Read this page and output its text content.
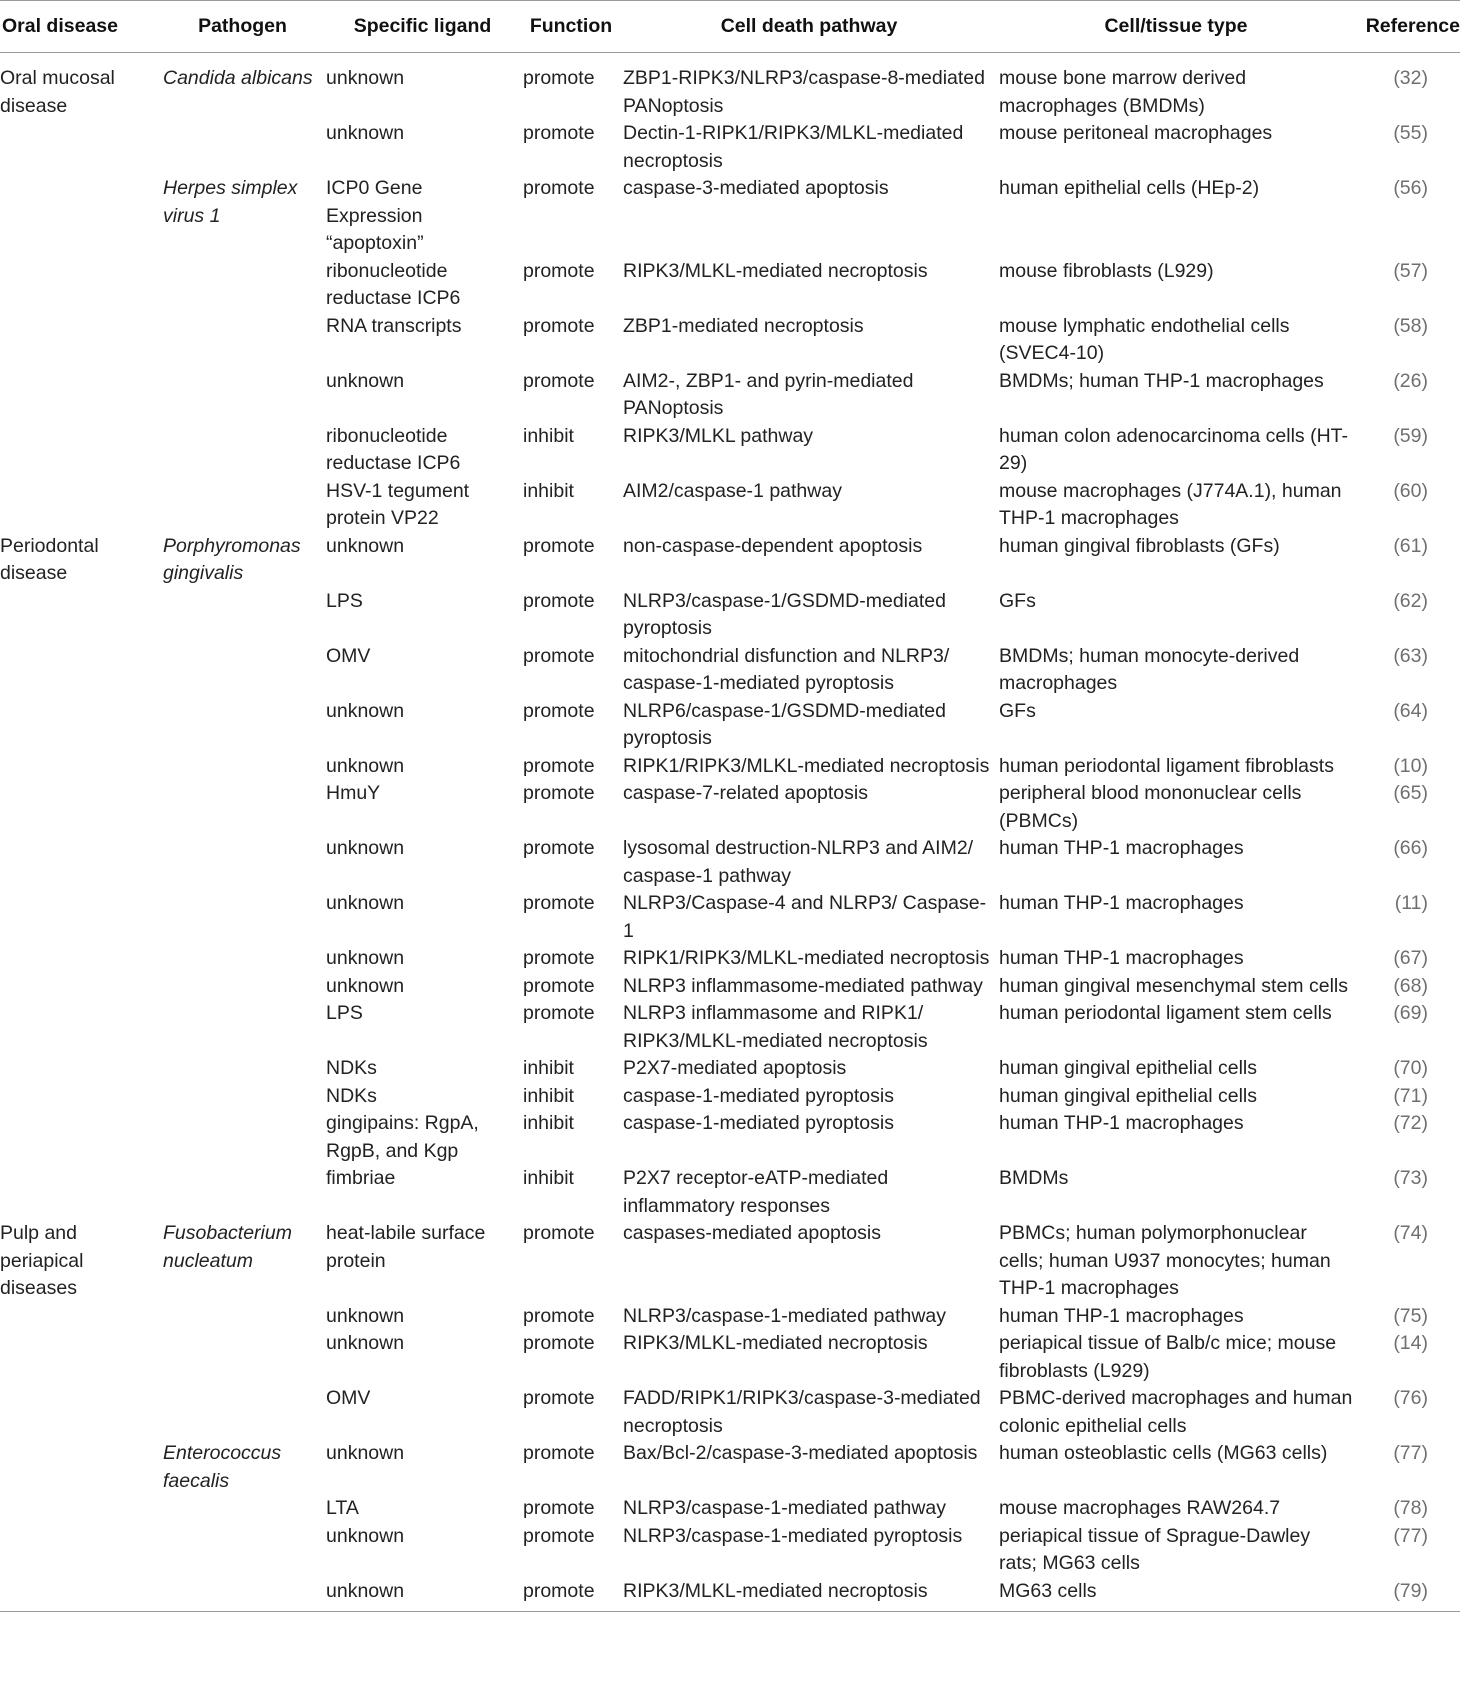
Oral disease	Pathogen	Specific ligand	Function	Cell death pathway	Cell/tissue type	Reference
Oral mucosal disease	Candida albicans	unknown	promote	ZBP1-RIPK3/NLRP3/caspase-8-mediated PANoptosis	mouse bone marrow derived macrophages (BMDMs)	(32)
		unknown	promote	Dectin-1-RIPK1/RIPK3/MLKL-mediated necroptosis	mouse peritoneal macrophages	(55)
	Herpes simplex virus 1	ICP0 Gene Expression “apoptoxin”	promote	caspase-3-mediated apoptosis	human epithelial cells (HEp-2)	(56)
		ribonucleotide reductase ICP6	promote	RIPK3/MLKL-mediated necroptosis	mouse fibroblasts (L929)	(57)
		RNA transcripts	promote	ZBP1-mediated necroptosis	mouse lymphatic endothelial cells (SVEC4-10)	(58)
		unknown	promote	AIM2-, ZBP1- and pyrin-mediated PANoptosis	BMDMs; human THP-1 macrophages	(26)
		ribonucleotide reductase ICP6	inhibit	RIPK3/MLKL pathway	human colon adenocarcinoma cells (HT-29)	(59)
		HSV-1 tegument protein VP22	inhibit	AIM2/caspase-1 pathway	mouse macrophages (J774A.1), human THP-1 macrophages	(60)
Periodontal disease	Porphyromonas gingivalis	unknown	promote	non-caspase-dependent apoptosis	human gingival fibroblasts (GFs)	(61)
		LPS	promote	NLRP3/caspase-1/GSDMD-mediated pyroptosis	GFs	(62)
		OMV	promote	mitochondrial disfunction and NLRP3/ caspase-1-mediated pyroptosis	BMDMs; human monocyte-derived macrophages	(63)
		unknown	promote	NLRP6/caspase-1/GSDMD-mediated pyroptosis	GFs	(64)
		unknown	promote	RIPK1/RIPK3/MLKL-mediated necroptosis	human periodontal ligament fibroblasts	(10)
		HmuY	promote	caspase-7-related apoptosis	peripheral blood mononuclear cells (PBMCs)	(65)
		unknown	promote	lysosomal destruction-NLRP3 and AIM2/ caspase-1 pathway	human THP-1 macrophages	(66)
		unknown	promote	NLRP3/Caspase-4 and NLRP3/ Caspase-1	human THP-1 macrophages	(11)
		unknown	promote	RIPK1/RIPK3/MLKL-mediated necroptosis	human THP-1 macrophages	(67)
		unknown	promote	NLRP3 inflammasome-mediated pathway	human gingival mesenchymal stem cells	(68)
		LPS	promote	NLRP3 inflammasome and RIPK1/ RIPK3/MLKL-mediated necroptosis	human periodontal ligament stem cells	(69)
		NDKs	inhibit	P2X7-mediated apoptosis	human gingival epithelial cells	(70)
		NDKs	inhibit	caspase-1-mediated pyroptosis	human gingival epithelial cells	(71)
		gingipains: RgpA, RgpB, and Kgp	inhibit	caspase-1-mediated pyroptosis	human THP-1 macrophages	(72)
		fimbriae	inhibit	P2X7 receptor-eATP-mediated inflammatory responses	BMDMs	(73)
Pulp and periapical diseases	Fusobacterium nucleatum	heat-labile surface protein	promote	caspases-mediated apoptosis	PBMCs; human polymorphonuclear cells; human U937 monocytes; human THP-1 macrophages	(74)
		unknown	promote	NLRP3/caspase-1-mediated pathway	human THP-1 macrophages	(75)
		unknown	promote	RIPK3/MLKL-mediated necroptosis	periapical tissue of Balb/c mice; mouse fibroblasts (L929)	(14)
		OMV	promote	FADD/RIPK1/RIPK3/caspase-3-mediated necroptosis	PBMC-derived macrophages and human colonic epithelial cells	(76)
	Enterococcus faecalis	unknown	promote	Bax/Bcl-2/caspase-3-mediated apoptosis	human osteoblastic cells (MG63 cells)	(77)
		LTA	promote	NLRP3/caspase-1-mediated pathway	mouse macrophages RAW264.7	(78)
		unknown	promote	NLRP3/caspase-1-mediated pyroptosis	periapical tissue of Sprague-Dawley rats; MG63 cells	(77)
		unknown	promote	RIPK3/MLKL-mediated necroptosis	MG63 cells	(79)
